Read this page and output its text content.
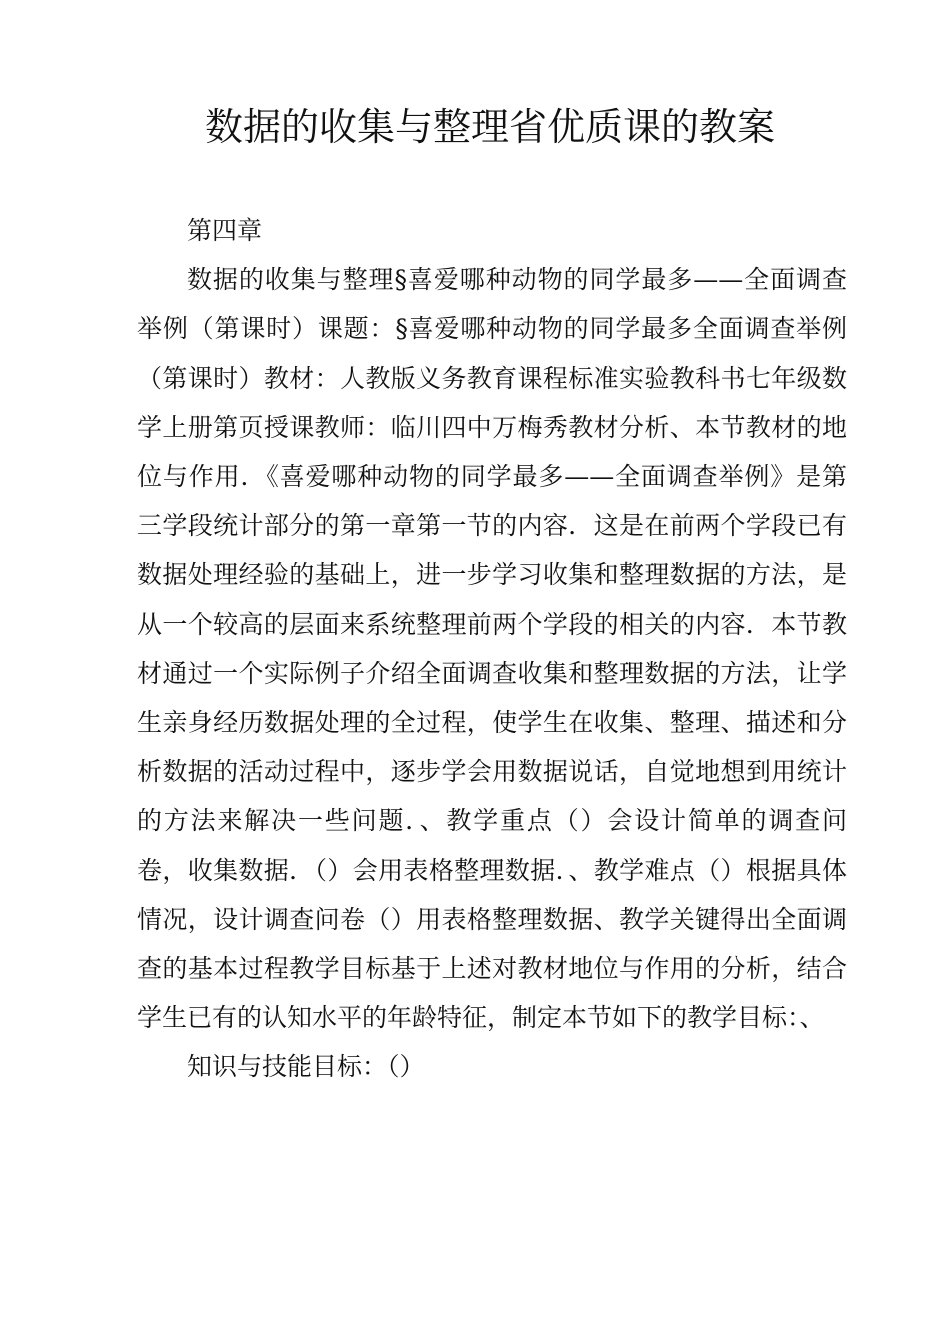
数据的收集与整理省优质课的教案

第四章

数据的收集与整理§喜爱哪种动物的同学最多——全面调查举例（第课时）课题：§喜爱哪种动物的同学最多全面调查举例（第课时）教材：人教版义务教育课程标准实验教科书七年级数学上册第页授课教师：临川四中万梅秀教材分析、本节教材的地位与作用．《喜爱哪种动物的同学最多——全面调查举例》是第三学段统计部分的第一章第一节的内容．这是在前两个学段已有数据处理经验的基础上，进一步学习收集和整理数据的方法，是从一个较高的层面来系统整理前两个学段的相关的内容．本节教材通过一个实际例子介绍全面调查收集和整理数据的方法，让学生亲身经历数据处理的全过程，使学生在收集、整理、描述和分析数据的活动过程中，逐步学会用数据说话，自觉地想到用统计的方法来解决一些问题．、教学重点（）会设计简单的调查问卷，收集数据．（）会用表格整理数据．、教学难点（）根据具体情况，设计调查问卷（）用表格整理数据、教学关键得出全面调查的基本过程教学目标基于上述对教材地位与作用的分析，结合学生已有的认知水平的年龄特征，制定本节如下的教学目标：、

知识与技能目标：（）
